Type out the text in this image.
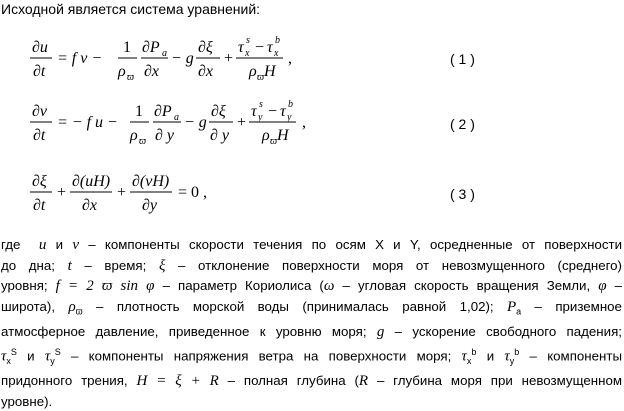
Исходной является система уравнений:
∂u
∂t
= f v −
1
ρ ϖ
∂P a
∂x
− g
∂ξ
∂x
+
τ x
s − τ x
b
ρ ϖ H
,	( 1 )
∂v
∂t
= − f u −
1
ρ ϖ
∂P a
∂ y
− g
∂ξ
∂ y
+
τ y
s − τ y
b
ρ ϖ H
,	( 2 )
∂ξ
∂t
+
∂(uH)
∂x
+
∂(vH)
∂y
= 0 ,	( 3 )
где u и v – компоненты скорости течения по осям X и Y, осредненные от поверхности
до дна; t – время; ξ – отклонение поверхности моря от невозмущенного (среднего)
уровня; f = 2 ϖ sin φ – параметр Кориолиса (ω – угловая скорость вращения Земли, φ –
широта), $\rho_ϖ$ – плотность морской воды (принималась равной 1,02); $P_a$ – приземное
атмосферное давление, приведенное к уровню моря; g – ускорение свободного падения;
$\tau_x^S$ и $\tau_y^S$ – компоненты напряжения ветра на поверхности моря; $\tau_x^b$ и $\tau_y^b$ – компоненты
придонного трения, H = ξ + R – полная глубина (R – глубина моря при невозмущенном
уровне).
